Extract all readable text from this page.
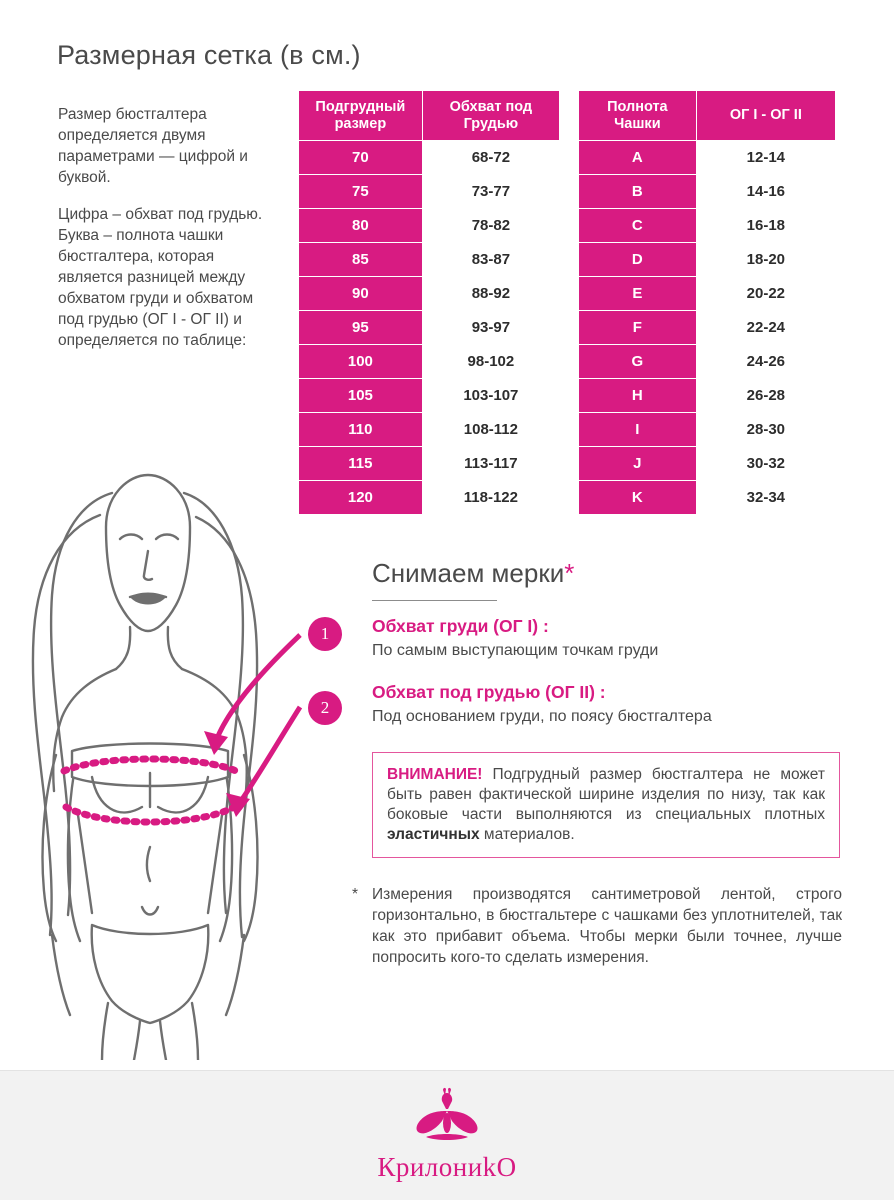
Размерная сетка (в см.)

Размер бюстгалтера определяется двумя параметрами — цифрой и буквой.

Цифра – обхват под грудью. Буква – полнота чашки бюстгалтера, которая является разницей между обхватом груди и обхватом под грудью (ОГ I - ОГ II) и определяется по таблице:

Подгрудный размер	Обхват под Грудью
70	68-72
75	73-77
80	78-82
85	83-87
90	88-92
95	93-97
100	98-102
105	103-107
110	108-112
115	113-117
120	118-122
Полнота Чашки	ОГ I - ОГ II
A	12-14
B	14-16
C	16-18
D	18-20
E	20-22
F	22-24
G	24-26
H	26-28
I	28-30
J	30-32
K	32-34
Снимаем мерки*
Обхват груди (ОГ I) :
По самым выступающим точкам груди
Обхват под грудью (ОГ II) :
Под основанием груди, по поясу бюстгалтера
1
2
ВНИМАНИЕ! Подгрудный размер бюстгалтера не может быть равен фактической ширине изделия по низу, так как боковые части выполняются из специальных плотных эластичных материалов.
* Измерения производятся сантиметровой лентой, строго горизонтально, в бюстгальтере с чашками без уплотнителей, так как это прибавит объема. Чтобы мерки были точнее, лучше попросить кого-то сделать измерения.
КрилониkО
